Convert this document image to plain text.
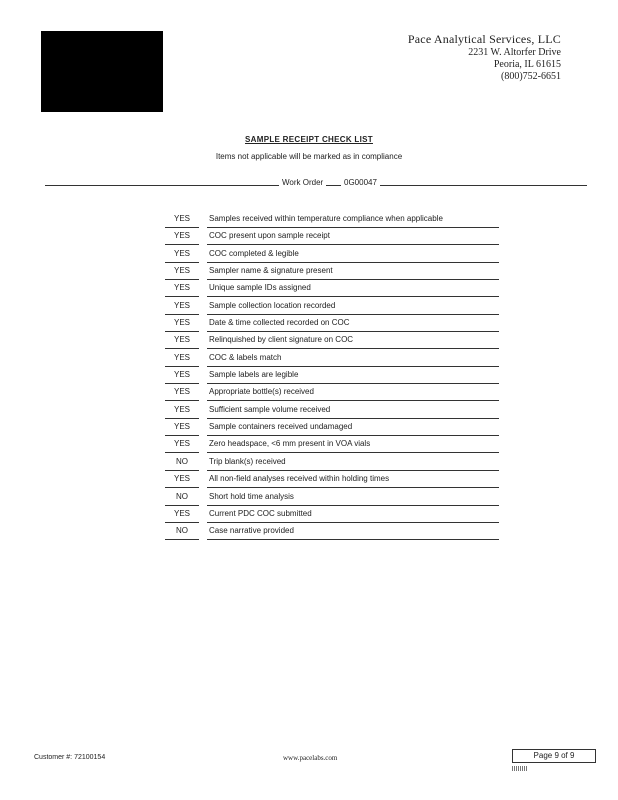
Pace Analytical Services, LLC
2231 W. Altorfer Drive
Peoria, IL 61615
(800)752-6651
SAMPLE RECEIPT CHECK LIST
Items not applicable will be marked as in compliance
Work Order	0G00047
YES	Samples received within temperature compliance when applicable
YES	COC present upon sample receipt
YES	COC completed & legible
YES	Sampler name & signature present
YES	Unique sample IDs assigned
YES	Sample collection location recorded
YES	Date & time collected recorded on COC
YES	Relinquished by client signature on COC
YES	COC & labels match
YES	Sample labels are legible
YES	Appropriate bottle(s) received
YES	Sufficient sample volume received
YES	Sample containers received undamaged
YES	Zero headspace, <6 mm present in VOA vials
NO	Trip blank(s) received
YES	All non-field analyses received within holding times
NO	Short hold time analysis
YES	Current PDC COC submitted
NO	Case narrative provided
Customer #: 72100154	www.pacelabs.com	Page 9 of 9
